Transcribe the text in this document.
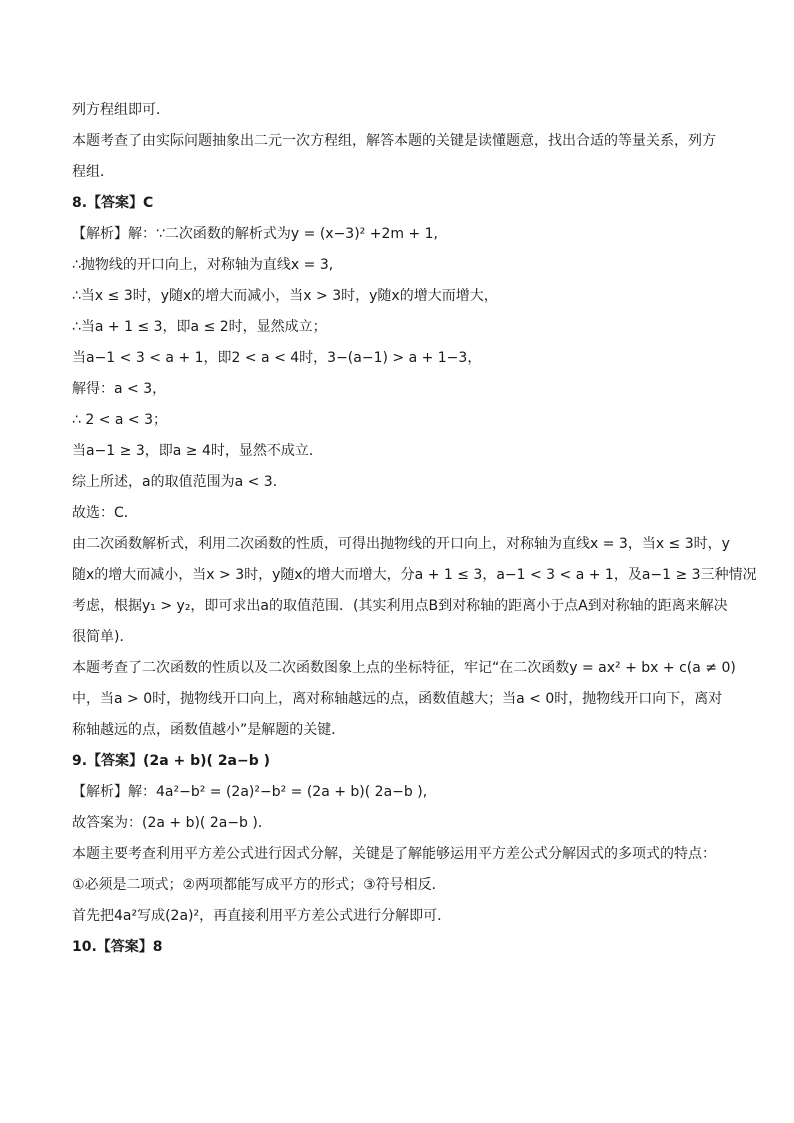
列方程组即可．

本题考查了由实际问题抽象出二元一次方程组，解答本题的关键是读懂题意，找出合适的等量关系，列方

程组．

8.【答案】C

【解析】解：∵二次函数的解析式为y = (x−3)² +2m + 1,

∴抛物线的开口向上，对称轴为直线x = 3,

∴当x ≤ 3时，y随x的增大而减小，当x > 3时，y随x的增大而增大，

∴当a + 1 ≤ 3，即a ≤ 2时，显然成立；

当a−1 < 3 < a + 1，即2 < a < 4时，3−(a−1) > a + 1−3，

解得：a < 3，

∴ 2 < a < 3；

当a−1 ≥ 3，即a ≥ 4时，显然不成立．

综上所述，a的取值范围为a < 3．

故选：C．

由二次函数解析式，利用二次函数的性质，可得出抛物线的开口向上，对称轴为直线x = 3，当x ≤ 3时，y

随x的增大而减小，当x > 3时，y随x的增大而增大，分a + 1 ≤ 3，a−1 < 3 < a + 1，及a−1 ≥ 3三种情况

考虑，根据y₁ > y₂，即可求出a的取值范围．(其实利用点B到对称轴的距离小于点A到对称轴的距离来解决

很简单)．

本题考查了二次函数的性质以及二次函数图象上点的坐标特征，牢记“在二次函数y = ax² + bx + c(a ≠ 0)

中，当a > 0时，抛物线开口向上，离对称轴越远的点，函数值越大；当a < 0时，抛物线开口向下，离对

称轴越远的点，函数值越小”是解题的关键．

9.【答案】(2a + b)( 2a−b )

【解析】解：4a²−b² = (2a)²−b² = (2a + b)( 2a−b ),

故答案为：(2a + b)( 2a−b )．

本题主要考查利用平方差公式进行因式分解，关键是了解能够运用平方差公式分解因式的多项式的特点：

①必须是二项式；②两项都能写成平方的形式；③符号相反．

首先把4a²写成(2a)²，再直接利用平方差公式进行分解即可．

10.【答案】8
